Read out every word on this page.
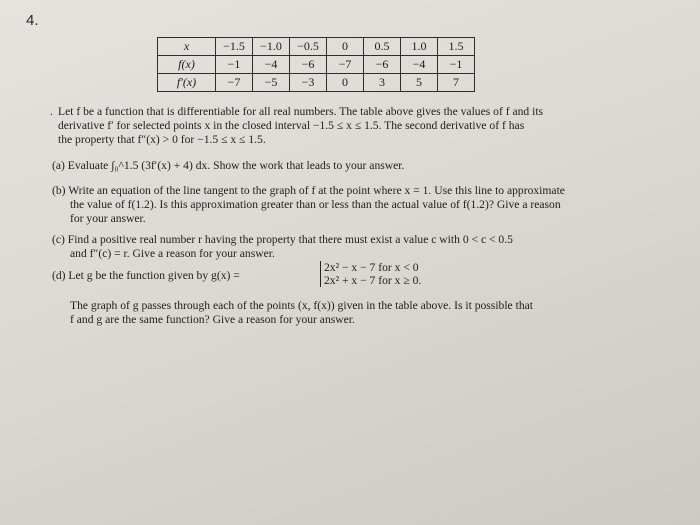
4.
x	−1.5	−1.0	−0.5	0	0.5	1.0	1.5
f(x)	−1	−4	−6	−7	−6	−4	−1
f′(x)	−7	−5	−3	0	3	5	7

. Let f be a function that is differentiable for all real numbers. The table above gives the values of f and its
derivative f′ for selected points x in the closed interval −1.5 ≤ x ≤ 1.5. The second derivative of f has
the property that f″(x) > 0 for −1.5 ≤ x ≤ 1.5.

(a) Evaluate ∫₀^1.5 (3f′(x) + 4) dx. Show the work that leads to your answer.

(b) Write an equation of the line tangent to the graph of f at the point where x = 1. Use this line to approximate
the value of f(1.2). Is this approximation greater than or less than the actual value of f(1.2)? Give a reason
for your answer.

(c) Find a positive real number r having the property that there must exist a value c with 0 < c < 0.5
and f″(c) = r. Give a reason for your answer.

(d) Let g be the function given by g(x) =
2x² − x − 7 for x < 0
2x² + x − 7 for x ≥ 0.

The graph of g passes through each of the points (x, f(x)) given in the table above. Is it possible that
f and g are the same function? Give a reason for your answer.
